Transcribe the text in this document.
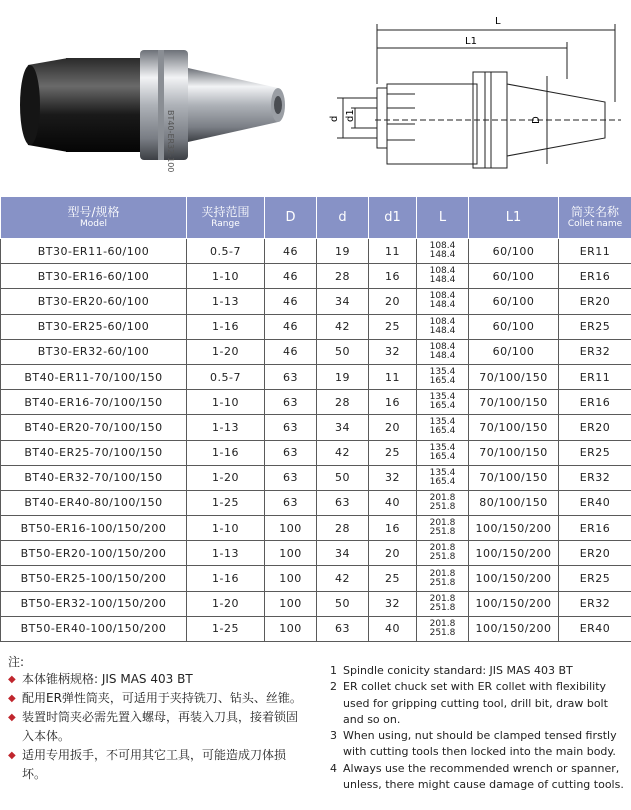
BT40-ER32-100
L
L1
d d1	D
型号/规格
Model	夹持范围
Range	D	d	d1	L	L1	筒夹名称
Collet name

BT30-ER11-60/100	0.5-7	46	19	11	108.4
148.4	60/100	ER11
BT30-ER16-60/100	1-10	46	28	16	108.4
148.4	60/100	ER16
BT30-ER20-60/100	1-13	46	34	20	108.4
148.4	60/100	ER20
BT30-ER25-60/100	1-16	46	42	25	108.4
148.4	60/100	ER25
BT30-ER32-60/100	1-20	46	50	32	108.4
148.4	60/100	ER32
BT40-ER11-70/100/150	0.5-7	63	19	11	135.4
165.4	70/100/150	ER11
BT40-ER16-70/100/150	1-10	63	28	16	135.4
165.4	70/100/150	ER16
BT40-ER20-70/100/150	1-13	63	34	20	135.4
165.4	70/100/150	ER20
BT40-ER25-70/100/150	1-16	63	42	25	135.4
165.4	70/100/150	ER25
BT40-ER32-70/100/150	1-20	63	50	32	135.4
165.4	70/100/150	ER32
BT40-ER40-80/100/150	1-25	63	63	40	201.8
251.8	80/100/150	ER40
BT50-ER16-100/150/200	1-10	100	28	16	201.8
251.8	100/150/200	ER16
BT50-ER20-100/150/200	1-13	100	34	20	201.8
251.8	100/150/200	ER20
BT50-ER25-100/150/200	1-16	100	42	25	201.8
251.8	100/150/200	ER25
BT50-ER32-100/150/200	1-20	100	50	32	201.8
251.8	100/150/200	ER32
BT50-ER40-100/150/200	1-25	100	63	40	201.8
251.8	100/150/200	ER40
注:
◆ 本体锥柄规格: JIS MAS 403 BT
◆ 配用ER弹性筒夹，可适用于夹持铣刀、钻头、丝锥。
◆ 装置时筒夹必需先置入螺母，再装入刀具，接着锁固入本体。
◆ 适用专用扳手，不可用其它工具，可能造成刀体损坏。
1 Spindle conicity standard: JIS MAS 403 BT
2 ER collet chuck set with ER collet with flexibility used for gripping cutting tool, drill bit, draw bolt and so on.
3 When using, nut should be clamped tensed firstly with cutting tools then locked into the main body.
4 Always use the recommended wrench or spanner, unless, there might cause damage of cutting tools.
